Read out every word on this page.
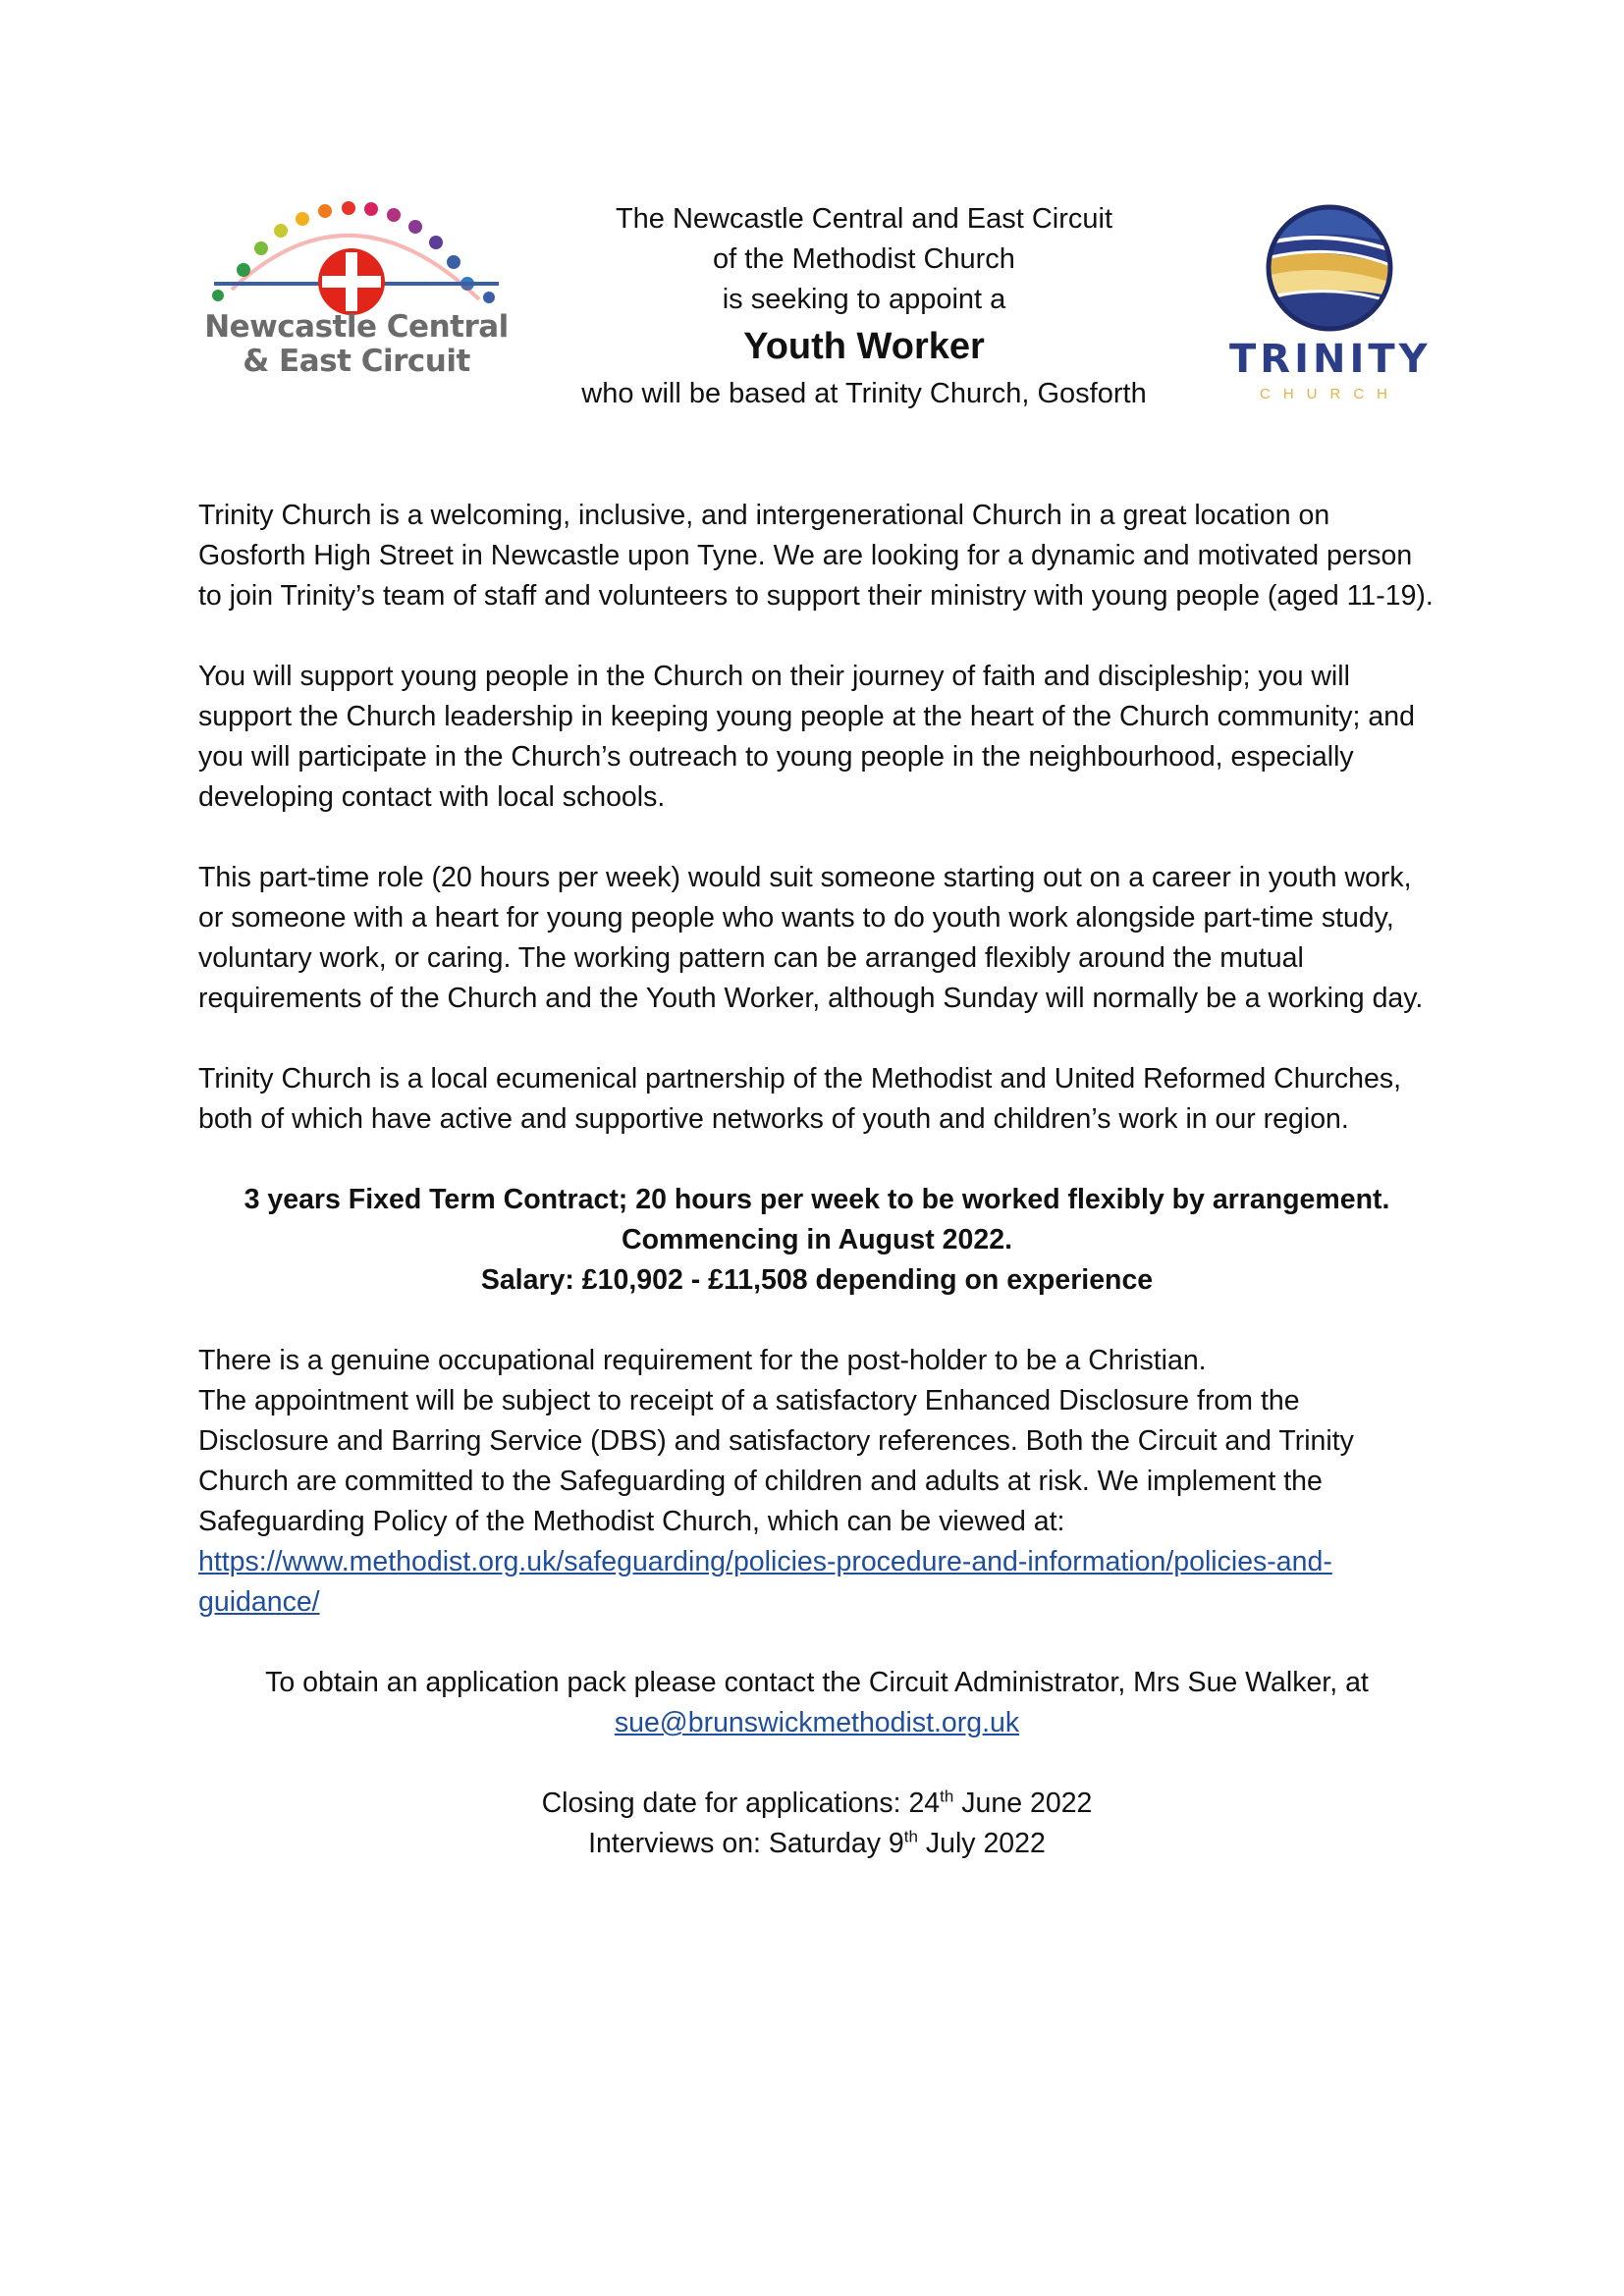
Newcastle Central
& East Circuit
The Newcastle Central and East Circuit
of the Methodist Church
is seeking to appoint a
Youth Worker
who will be based at Trinity Church, Gosforth
TRINITY
CHURCH

Trinity Church is a welcoming, inclusive, and intergenerational Church in a great location on Gosforth High Street in Newcastle upon Tyne. We are looking for a dynamic and motivated person to join Trinity’s team of staff and volunteers to support their ministry with young people (aged 11-19).

You will support young people in the Church on their journey of faith and discipleship; you will support the Church leadership in keeping young people at the heart of the Church community; and you will participate in the Church’s outreach to young people in the neighbourhood, especially developing contact with local schools.

This part-time role (20 hours per week) would suit someone starting out on a career in youth work, or someone with a heart for young people who wants to do youth work alongside part-time study, voluntary work, or caring. The working pattern can be arranged flexibly around the mutual requirements of the Church and the Youth Worker, although Sunday will normally be a working day.

Trinity Church is a local ecumenical partnership of the Methodist and United Reformed Churches, both of which have active and supportive networks of youth and children’s work in our region.

3 years Fixed Term Contract; 20 hours per week to be worked flexibly by arrangement.
Commencing in August 2022.
Salary: £10,902 - £11,508 depending on experience

There is a genuine occupational requirement for the post-holder to be a Christian.
The appointment will be subject to receipt of a satisfactory Enhanced Disclosure from the Disclosure and Barring Service (DBS) and satisfactory references. Both the Circuit and Trinity Church are committed to the Safeguarding of children and adults at risk. We implement the Safeguarding Policy of the Methodist Church, which can be viewed at:
https://www.methodist.org.uk/safeguarding/policies-procedure-and-information/policies-and-guidance/

To obtain an application pack please contact the Circuit Administrator, Mrs Sue Walker, at
sue@brunswickmethodist.org.uk

Closing date for applications: 24th June 2022
Interviews on: Saturday 9th July 2022
